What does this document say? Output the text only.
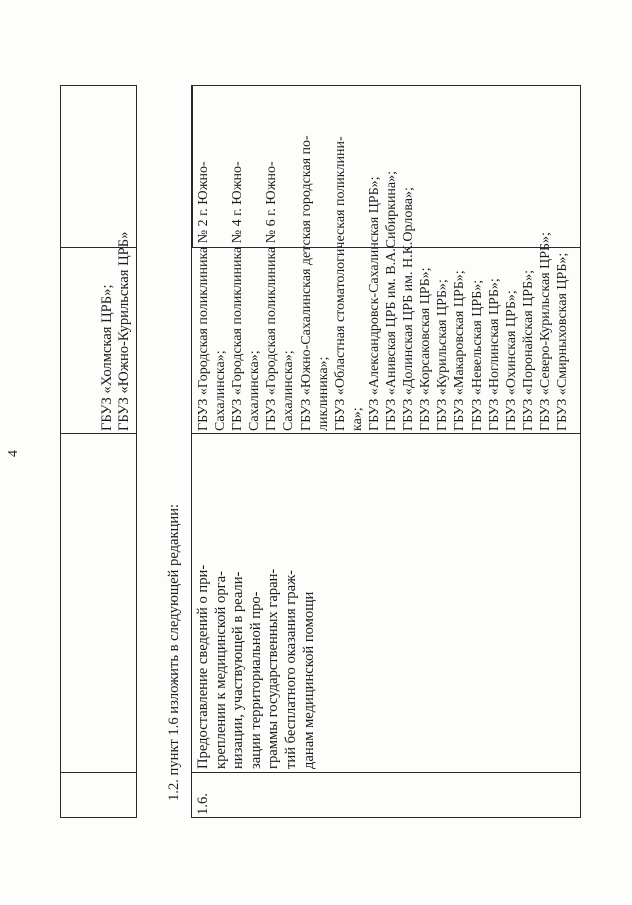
4
ГБУЗ «Холмская ЦРБ»; ГБУЗ «Южно-Курильская ЦРБ»
1.2. пункт 1.6 изложить в следующей редакции:
1.6.
Предоставление сведений о при- креплении к медицинской орга- низации, участвующей в реали- зации территориальной про- граммы государственных гаран- тий бесплатного оказания граж- данам медицинской помощи
ГБУЗ «Городская поликлиника № 2 г. Южно- Сахалинска»; ГБУЗ «Городская поликлиника № 4 г. Южно- Сахалинска»; ГБУЗ «Городская поликлиника № 6 г. Южно- Сахалинска»; ГБУЗ «Южно-Сахалинская детская городская по- ликлиника»; ГБУЗ «Областная стоматологическая поликлини- ка»; ГБУЗ «Александровск-Сахалинская ЦРБ»; ГБУЗ «Анивская ЦРБ им. В.А.Сибиркина»; ГБУЗ «Долинская ЦРБ им. Н.К.Орлова»; ГБУЗ «Корсаковская ЦРБ»; ГБУЗ «Курильская ЦРБ»; ГБУЗ «Макаровская ЦРБ»; ГБУЗ «Невельская ЦРБ»; ГБУЗ «Ноглинская ЦРБ»; ГБУЗ «Охинская ЦРБ»; ГБУЗ «Поронайская ЦРБ»; ГБУЗ «Северо-Курильская ЦРБ»; ГБУЗ «Смирныховская ЦРБ»;
